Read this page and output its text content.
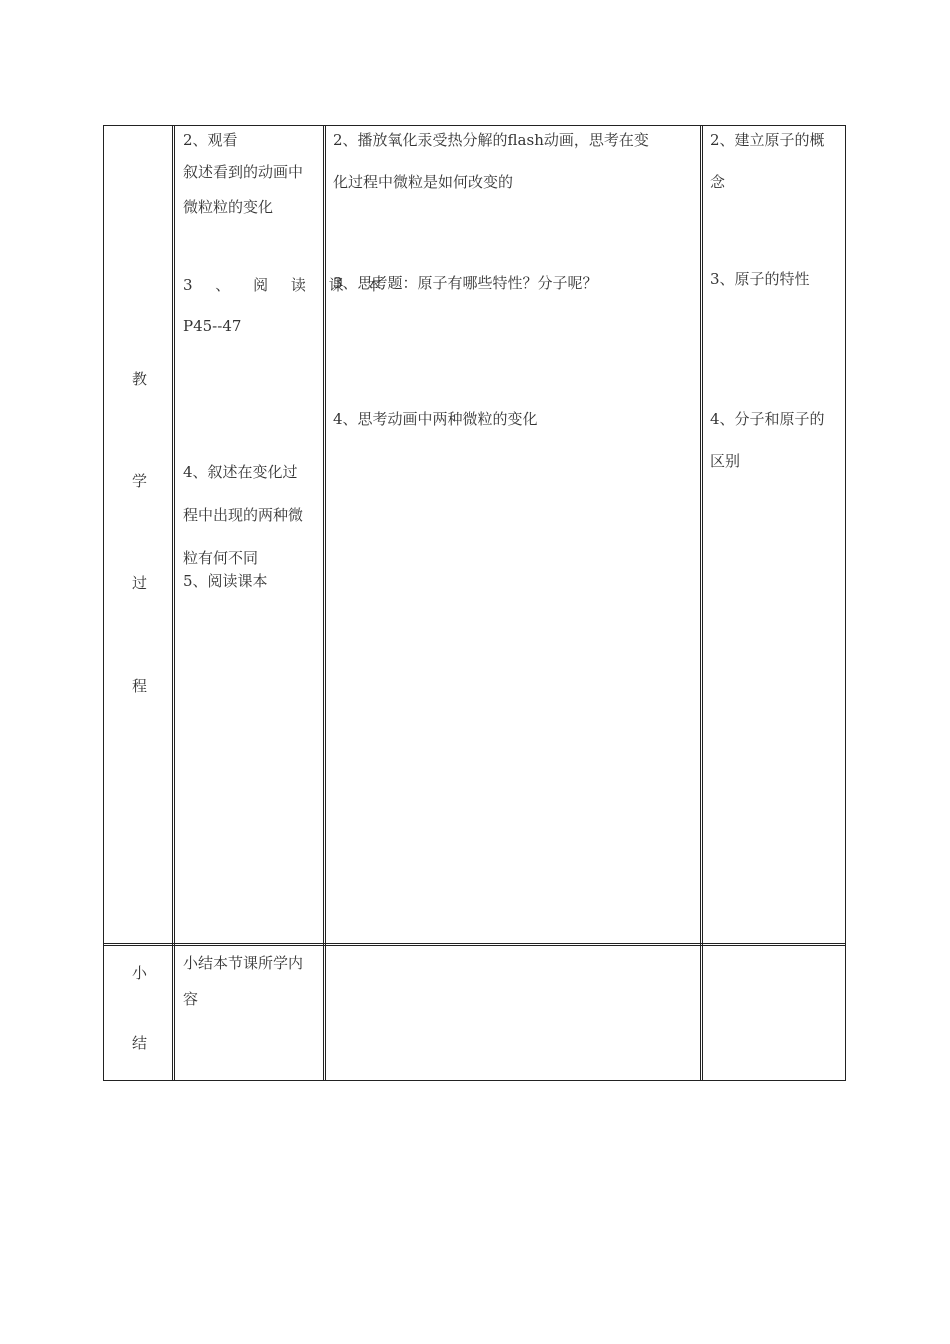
教
学
过
程
2、观看
叙述看到的动画中
微粒粒的变化
3 、 阅 读 课 本
P45--47
4、叙述在变化过
程中出现的两种微
粒有何不同
5、阅读课本
2、播放氧化汞受热分解的flash动画，思考在变
化过程中微粒是如何改变的
3、思考题：原子有哪些特性？分子呢？
4、思考动画中两种微粒的变化
2、建立原子的概
念
3、原子的特性
4、分子和原子的
区别
小
结
小结本节课所学内
容
